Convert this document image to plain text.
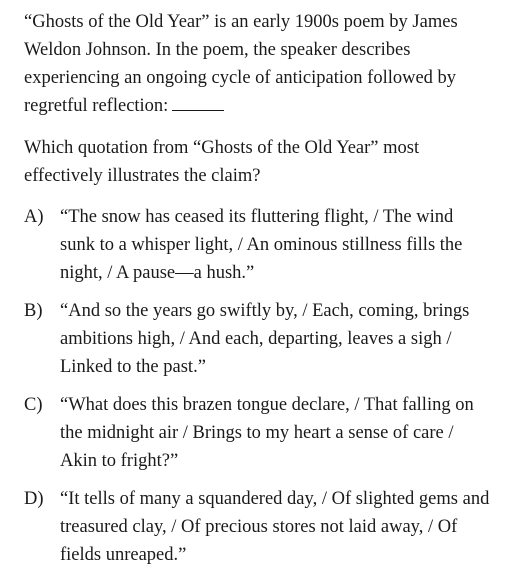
“Ghosts of the Old Year” is an early 1900s poem by James Weldon Johnson. In the poem, the speaker describes experiencing an ongoing cycle of anticipation followed by regretful reflection:

Which quotation from “Ghosts of the Old Year” most effectively illustrates the claim?

A) “The snow has ceased its fluttering flight, / The wind sunk to a whisper light, / An ominous stillness fills the night, / A pause—a hush.”
B) “And so the years go swiftly by, / Each, coming, brings ambitions high, / And each, departing, leaves a sigh / Linked to the past.”
C) “What does this brazen tongue declare, / That falling on the midnight air / Brings to my heart a sense of care / Akin to fright?”
D) “It tells of many a squandered day, / Of slighted gems and treasured clay, / Of precious stores not laid away, / Of fields unreaped.”
